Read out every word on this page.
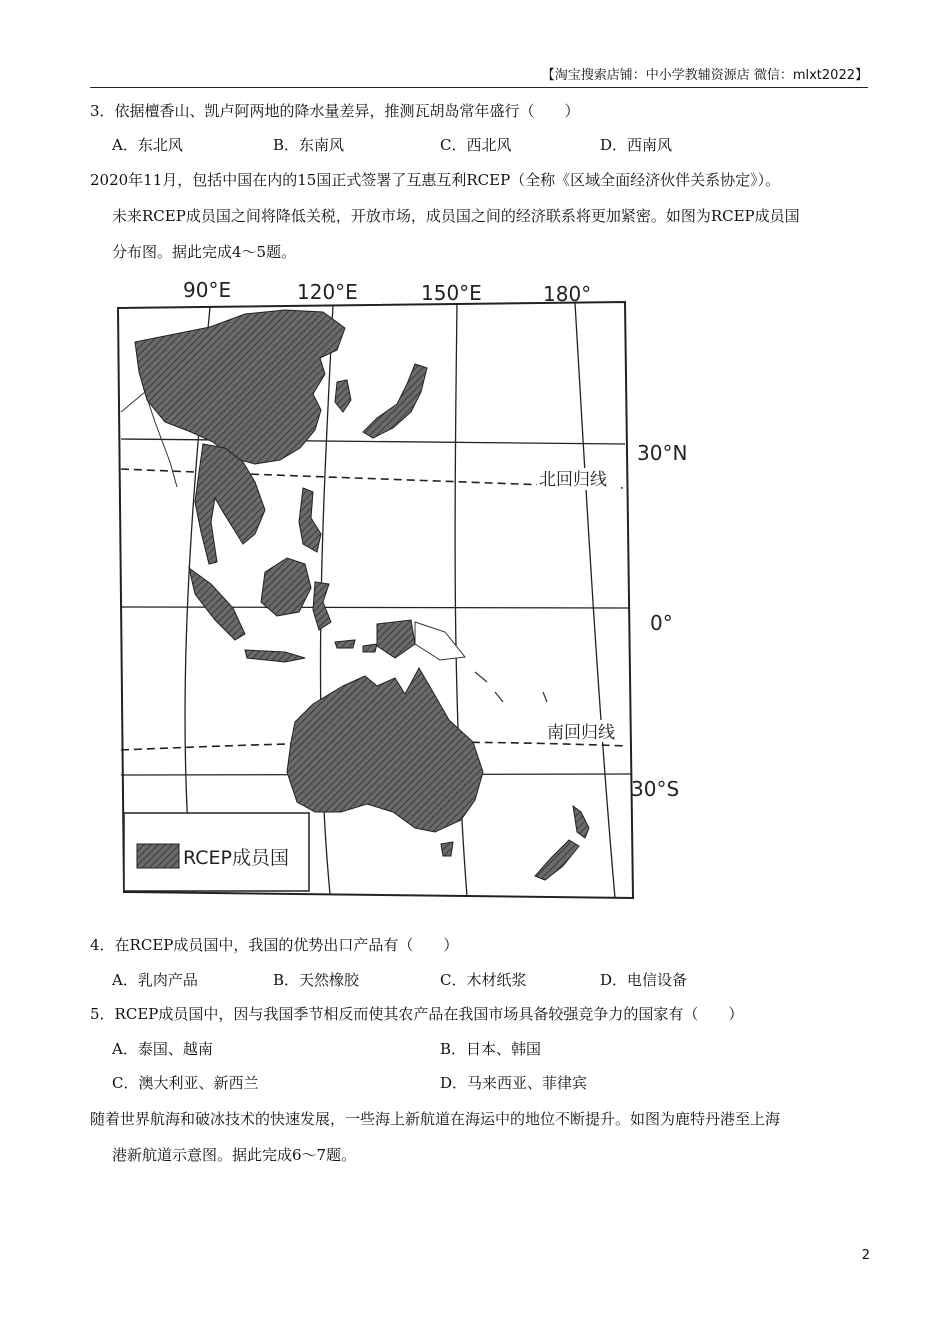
【淘宝搜索店铺：中小学教辅资源店 微信：mlxt2022】
3．依据檀香山、凯卢阿两地的降水量差异，推测瓦胡岛常年盛行（　　）
A．东北风	B．东南风	C．西北风	D．西南风
2020年11月，包括中国在内的15国正式签署了互惠互利RCEP（全称《区域全面经济伙伴关系协定》）。
未来RCEP成员国之间将降低关税，开放市场，成员国之间的经济联系将更加紧密。如图为RCEP成员国
分布图。据此完成4～5题。
90°E	120°E	150°E	180°
30°N
0°
30°S
北回归线
南回归线
RCEP成员国
4．在RCEP成员国中，我国的优势出口产品有（　　）
A．乳肉产品	B．天然橡胶	C．木材纸浆	D．电信设备
5．RCEP成员国中，因与我国季节相反而使其农产品在我国市场具备较强竞争力的国家有（　　）
A．泰国、越南	B．日本、韩国
C．澳大利亚、新西兰	D．马来西亚、菲律宾
随着世界航海和破冰技术的快速发展，一些海上新航道在海运中的地位不断提升。如图为鹿特丹港至上海
港新航道示意图。据此完成6～7题。
2
